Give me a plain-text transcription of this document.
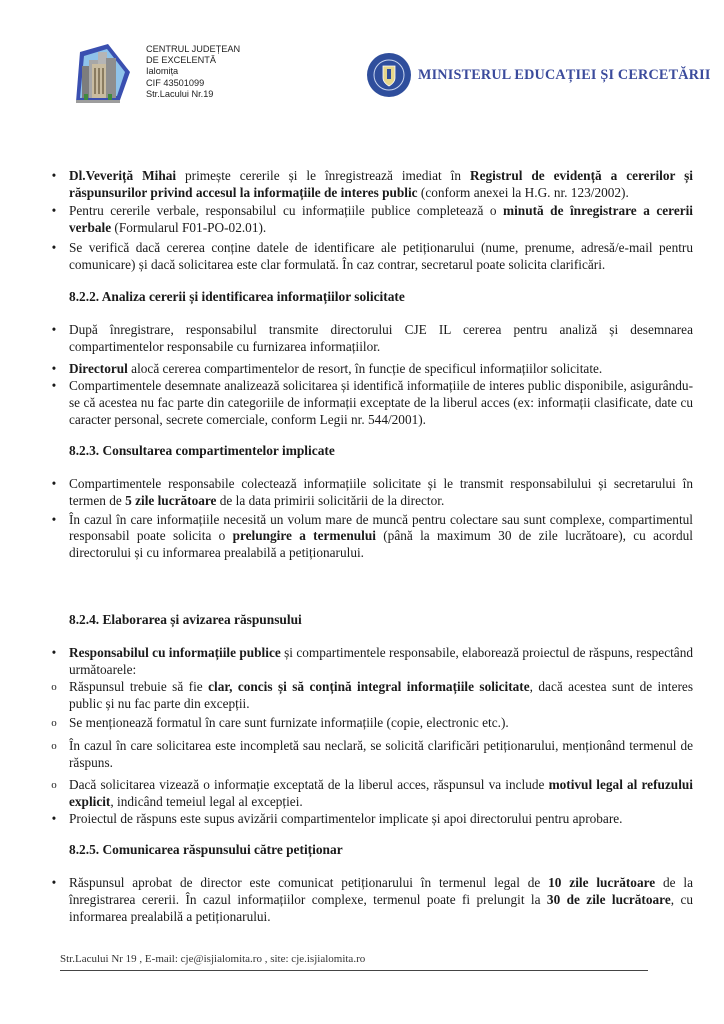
CENTRUL JUDEȚEAN
DE EXCELENTĂ
Ialomița
CIF 43501099
Str.Lacului Nr.19
MINISTERUL EDUCAȚIEI ȘI CERCETĂRII

• Dl.Veveriță Mihai primește cererile și le înregistrează imediat în Registrul de evidență a cererilor și răspunsurilor privind accesul la informațiile de interes public (conform anexei la H.G. nr. 123/2002).

• Pentru cererile verbale, responsabilul cu informațiile publice completează o minută de înregistrare a cererii verbale (Formularul F01-PO-02.01).

• Se verifică dacă cererea conține datele de identificare ale petiționarului (nume, prenume, adresă/e-mail pentru comunicare) și dacă solicitarea este clar formulată. În caz contrar, secretarul poate solicita clarificări.

8.2.2. Analiza cererii și identificarea informațiilor solicitate

• După înregistrare, responsabilul transmite directorului CJE IL cererea pentru analiză și desemnarea compartimentelor responsabile cu furnizarea informațiilor.

• Directorul alocă cererea compartimentelor de resort, în funcție de specificul informațiilor solicitate.

• Compartimentele desemnate analizează solicitarea și identifică informațiile de interes public disponibile, asigurându-se că acestea nu fac parte din categoriile de informații exceptate de la liberul acces (ex: informații clasificate, date cu caracter personal, secrete comerciale, conform Legii nr. 544/2001).

8.2.3. Consultarea compartimentelor implicate

• Compartimentele responsabile colectează informațiile solicitate și le transmit responsabilului și secretarului în termen de 5 zile lucrătoare de la data primirii solicitării de la director.

• În cazul în care informațiile necesită un volum mare de muncă pentru colectare sau sunt complexe, compartimentul responsabil poate solicita o prelungire a termenului (până la maximum 30 de zile lucrătoare), cu acordul directorului și cu informarea prealabilă a petiționarului.

8.2.4. Elaborarea și avizarea răspunsului

• Responsabilul cu informațiile publice și compartimentele responsabile, elaborează proiectul de răspuns, respectând următoarele:

o Răspunsul trebuie să fie clar, concis și să conțină integral informațiile solicitate, dacă acestea sunt de interes public și nu fac parte din excepții.

o Se menționează formatul în care sunt furnizate informațiile (copie, electronic etc.).

o În cazul în care solicitarea este incompletă sau neclară, se solicită clarificări petiționarului, menționând termenul de răspuns.

o Dacă solicitarea vizează o informație exceptată de la liberul acces, răspunsul va include motivul legal al refuzului explicit, indicând temeiul legal al excepției.

• Proiectul de răspuns este supus avizării compartimentelor implicate și apoi directorului pentru aprobare.

8.2.5. Comunicarea răspunsului către petiționar

• Răspunsul aprobat de director este comunicat petiționarului în termenul legal de 10 zile lucrătoare de la înregistrarea cererii. În cazul informațiilor complexe, termenul poate fi prelungit la 30 de zile lucrătoare, cu informarea prealabilă a petiționarului.

Str.Lacului Nr 19 , E-mail: cje@isjialomita.ro , site: cje.isjialomita.ro
